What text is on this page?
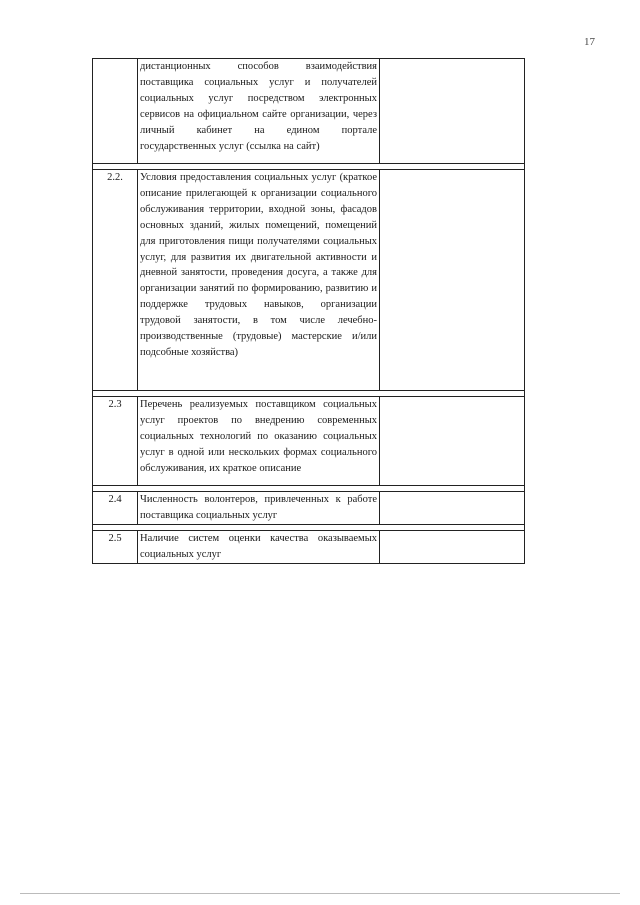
17
	дистанционных способов взаимодействия поставщика социальных услуг и получателей социальных услуг посредством электронных сервисов на официальном сайте организации, через личный кабинет на едином портале государственных услуг (ссылка на сайт)	

2.2.	Условия предоставления социальных услуг (краткое описание прилегающей к организации социального обслуживания территории, входной зоны, фасадов основных зданий, жилых помещений, помещений для приготовления пищи получателями социальных услуг, для развития их двигательной активности и дневной занятости, проведения досуга, а также для организации занятий по формированию, развитию и поддержке трудовых навыков, организации трудовой занятости, в том числе лечебно-производственные (трудовые) мастерские и/или подсобные хозяйства)	

2.3	Перечень реализуемых поставщиком социальных услуг проектов по внедрению современных социальных технологий по оказанию социальных услуг в одной или нескольких формах социального обслуживания, их краткое описание	

2.4	Численность волонтеров, привлеченных к работе поставщика социальных услуг	

2.5	Наличие систем оценки качества оказываемых социальных услуг	
